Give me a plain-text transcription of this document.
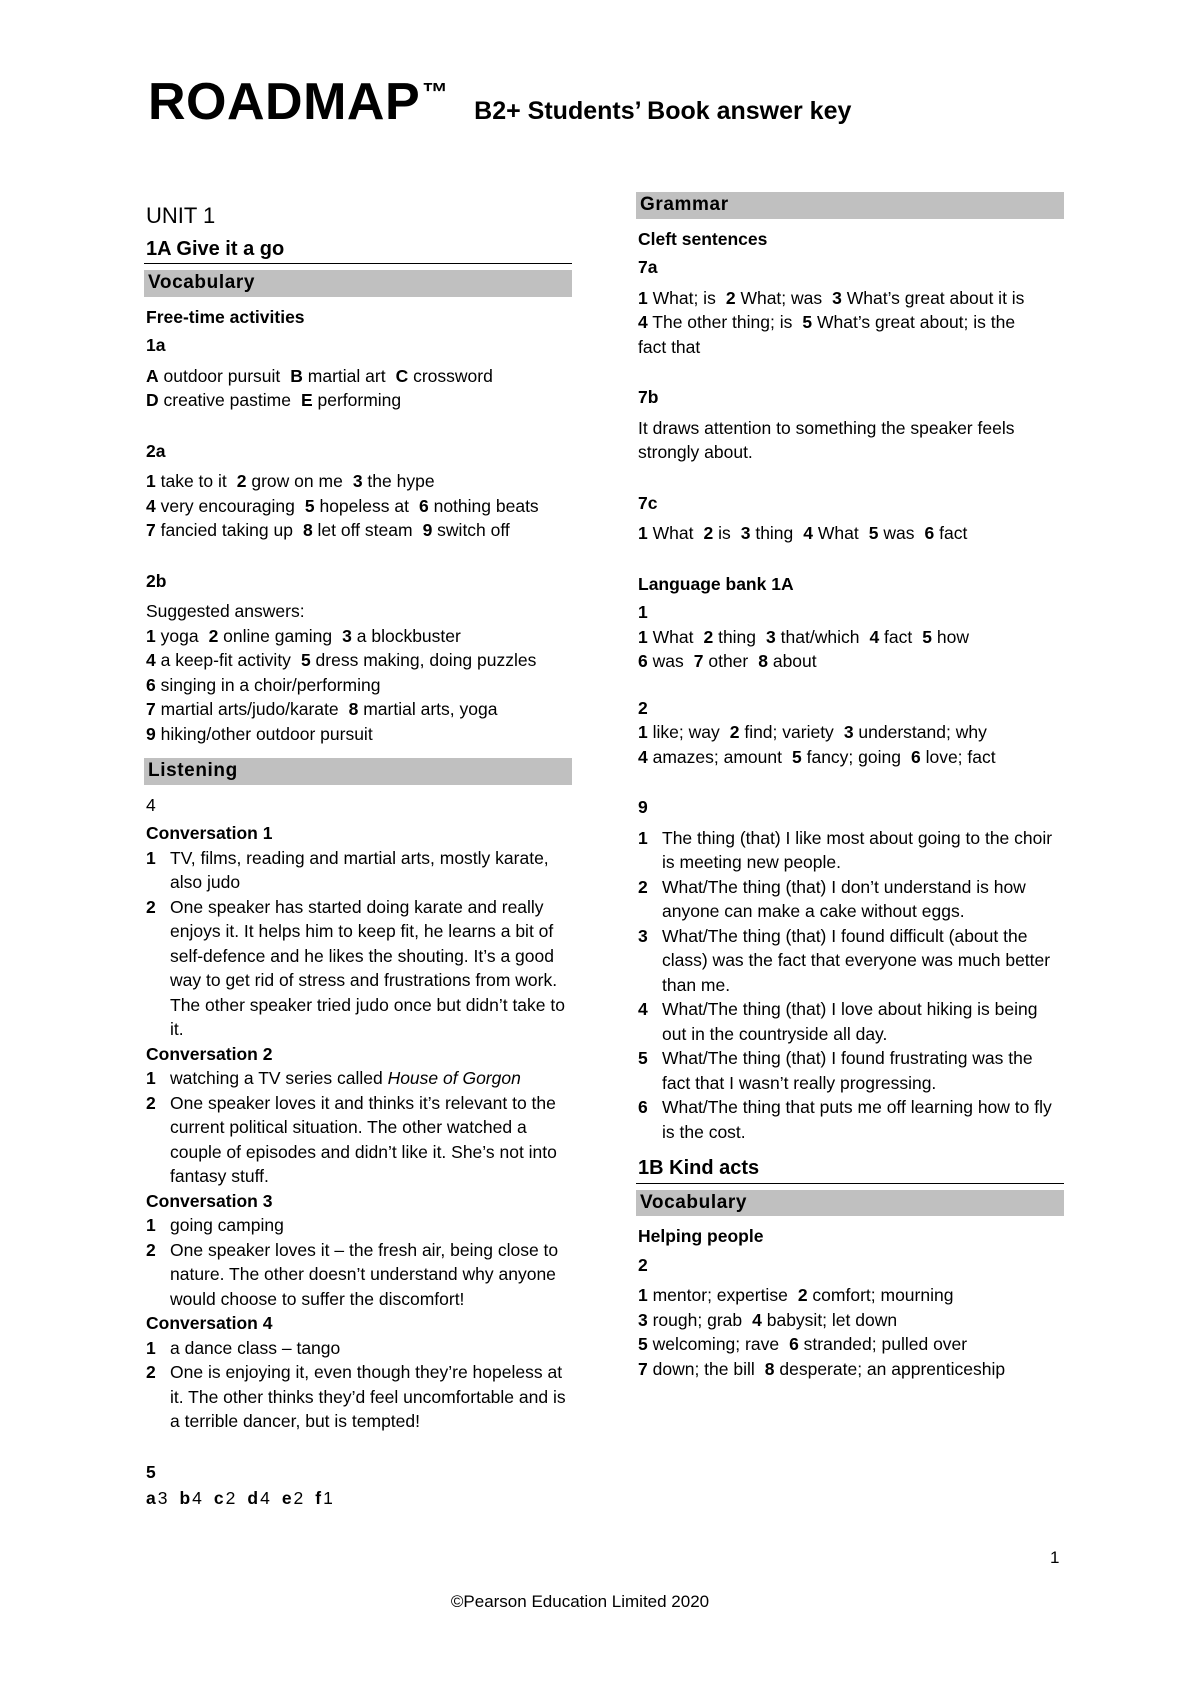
ROADMAP ™
B2+ Students’ Book answer key
UNIT 1
1A Give it a go
Vocabulary
Free-time activities
1a
A outdoor pursuit B martial art C crossword
D creative pastime E performing
2a
1 take to it 2 grow on me 3 the hype
4 very encouraging 5 hopeless at 6 nothing beats
7 fancied taking up 8 let off steam 9 switch off
2b
Suggested answers:
1 yoga 2 online gaming 3 a blockbuster
4 a keep-fit activity 5 dress making, doing puzzles
6 singing in a choir/performing
7 martial arts/judo/karate 8 martial arts, yoga
9 hiking/other outdoor pursuit
Listening
4
Conversation 1
1 TV, films, reading and martial arts, mostly karate, also judo
2 One speaker has started doing karate and really enjoys it. It helps him to keep fit, he learns a bit of self-defence and he likes the shouting. It’s a good way to get rid of stress and frustrations from work. The other speaker tried judo once but didn’t take to it.
Conversation 2
1 watching a TV series called House of Gorgon
2 One speaker loves it and thinks it’s relevant to the current political situation. The other watched a couple of episodes and didn’t like it. She’s not into fantasy stuff.
Conversation 3
1 going camping
2 One speaker loves it – the fresh air, being close to nature. The other doesn’t understand why anyone would choose to suffer the discomfort!
Conversation 4
1 a dance class – tango
2 One is enjoying it, even though they’re hopeless at it. The other thinks they’d feel uncomfortable and is a terrible dancer, but is tempted!
5
a3 b4 c2 d4 e2 f1
Grammar
Cleft sentences
7a
1 What; is 2 What; was 3 What’s great about it is
4 The other thing; is 5 What’s great about; is the
fact that
7b
It draws attention to something the speaker feels strongly about.
7c
1 What 2 is 3 thing 4 What 5 was 6 fact
Language bank 1A
1
1 What 2 thing 3 that/which 4 fact 5 how
6 was 7 other 8 about
2
1 like; way 2 find; variety 3 understand; why
4 amazes; amount 5 fancy; going 6 love; fact
9
1 The thing (that) I like most about going to the choir is meeting new people.
2 What/The thing (that) I don’t understand is how anyone can make a cake without eggs.
3 What/The thing (that) I found difficult (about the class) was the fact that everyone was much better than me.
4 What/The thing (that) I love about hiking is being out in the countryside all day.
5 What/The thing (that) I found frustrating was the fact that I wasn’t really progressing.
6 What/The thing that puts me off learning how to fly is the cost.
1B Kind acts
Vocabulary
Helping people
2
1 mentor; expertise 2 comfort; mourning
3 rough; grab 4 babysit; let down
5 welcoming; rave 6 stranded; pulled over
7 down; the bill 8 desperate; an apprenticeship
1
©Pearson Education Limited 2020
